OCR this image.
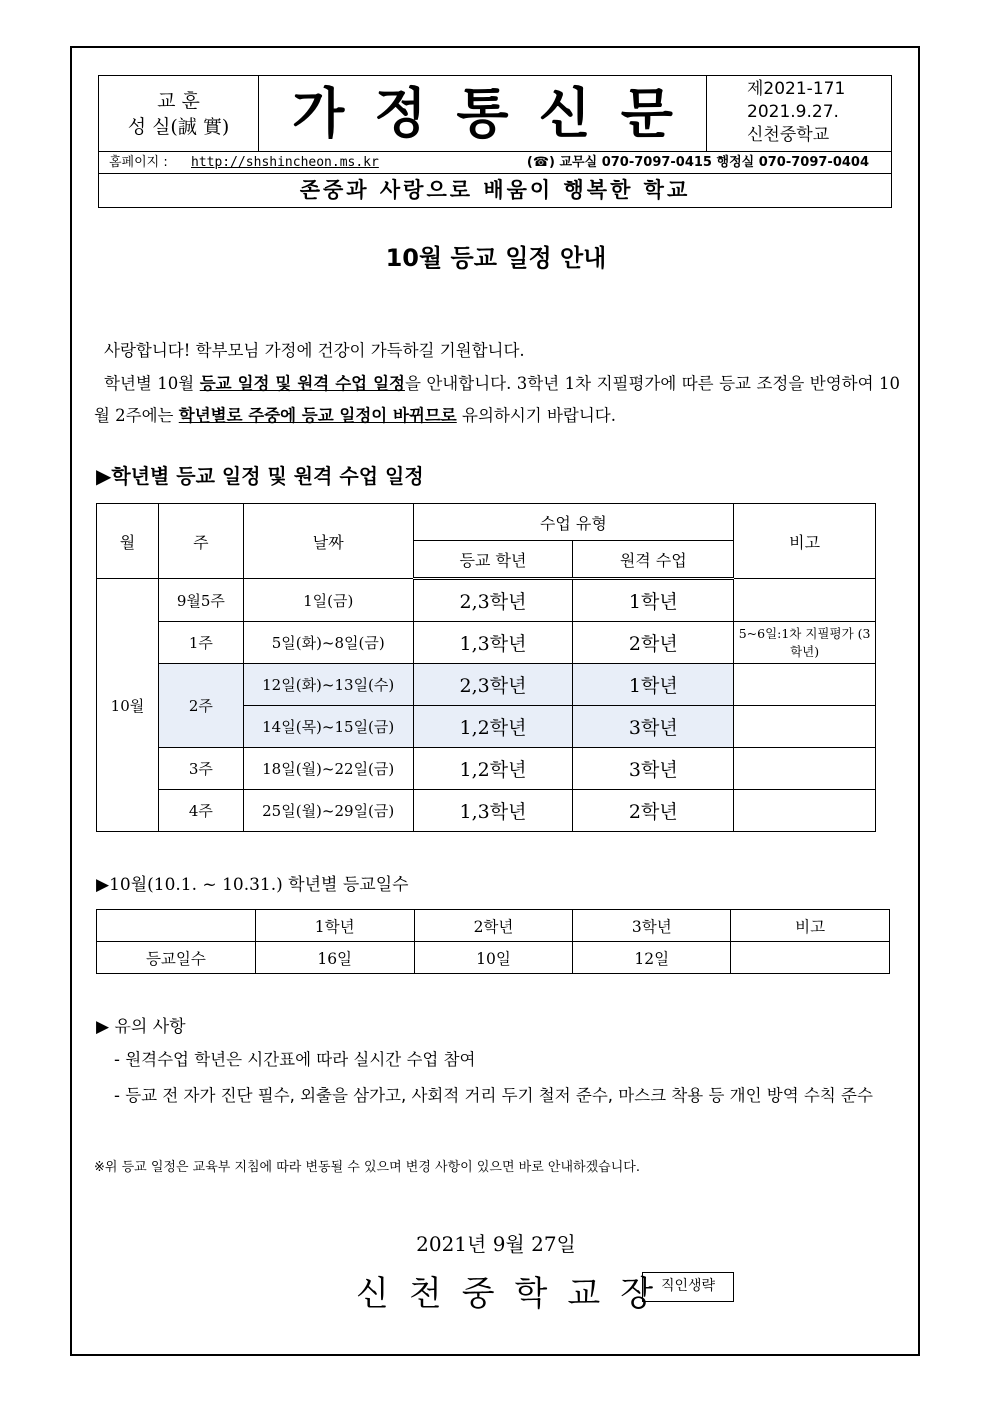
교 훈
성 실(誠 實)	가정통신문	제2021-171
2021.9.27.
신천중학교
홈페이지 : http://shshincheon.ms.kr	(☎) 교무실 070-7097-0415 행정실 070-7097-0404
존중과 사랑으로 배움이 행복한 학교
10월 등교 일정 안내
사랑합니다! 학부모님 가정에 건강이 가득하길 기원합니다.
학년별 10월 등교 일정 및 원격 수업 일정을 안내합니다. 3학년 1차 지필평가에 따른 등교 조정을 반영하여 10월 2주에는 학년별로 주중에 등교 일정이 바뀌므로 유의하시기 바랍니다.
▶학년별 등교 일정 및 원격 수업 일정
월	주	날짜	수업 유형		비고
			등교 학년	원격 수업	
10월	9월5주	1일(금)	2,3학년	1학년	
	1주	5일(화)~8일(금)	1,3학년	2학년	5~6일:1차 지필평가 (3학년)
	2주	12일(화)~13일(수)	2,3학년	1학년	
		14일(목)~15일(금)	1,2학년	3학년	
	3주	18일(월)~22일(금)	1,2학년	3학년	
	4주	25일(월)~29일(금)	1,3학년	2학년	
▶10월(10.1. ~ 10.31.) 학년별 등교일수
	1학년	2학년	3학년	비고
등교일수	16일	10일	12일	
▶ 유의 사항
- 원격수업 학년은 시간표에 따라 실시간 수업 참여
- 등교 전 자가 진단 필수, 외출을 삼가고, 사회적 거리 두기 철저 준수, 마스크 착용 등 개인 방역 수칙 준수
※위 등교 일정은 교육부 지침에 따라 변동될 수 있으며 변경 사항이 있으면 바로 안내하겠습니다.
2021년 9월 27일
신천중학교장
직인생략
